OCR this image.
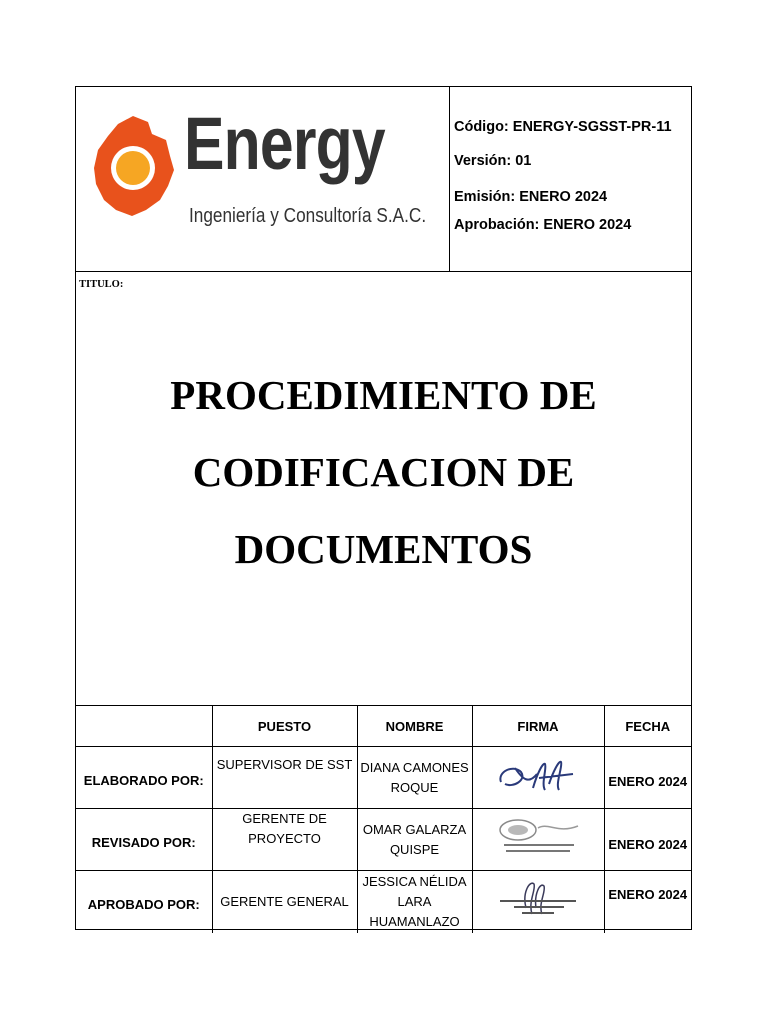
Energy
Ingeniería y Consultoría S.A.C.
Código: ENERGY-SGSST-PR-11
Versión: 01
Emisión: ENERO 2024
Aprobación: ENERO 2024
TITULO:
PROCEDIMIENTO DE
CODIFICACION DE
DOCUMENTOS
	PUESTO	NOMBRE	FIRMA	FECHA
ELABORADO POR:	SUPERVISOR DE SST	DIANA CAMONES ROQUE		ENERO 2024
REVISADO POR:	GERENTE DE PROYECTO	OMAR GALARZA QUISPE		ENERO 2024
APROBADO POR:	GERENTE GENERAL	JESSICA NÉLIDA LARA HUAMANLAZO		ENERO 2024
